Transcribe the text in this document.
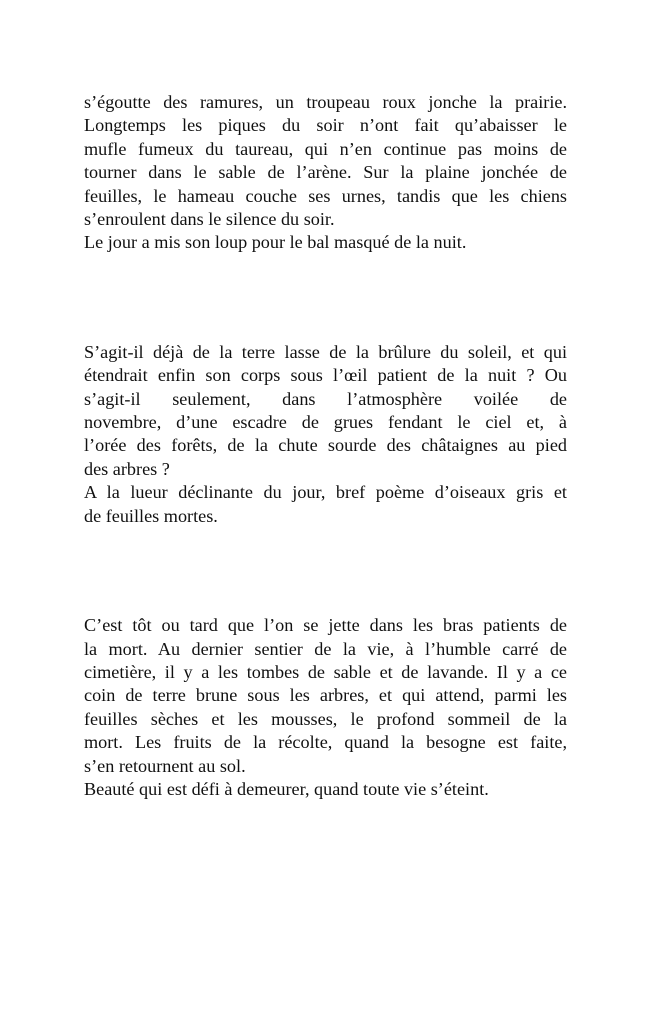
s’égoutte des ramures, un troupeau roux jonche la prairie.
Longtemps les piques du soir n’ont fait qu’abaisser le
mufle fumeux du taureau, qui n’en continue pas moins de
tourner dans le sable de l’arène. Sur la plaine jonchée de
feuilles, le hameau couche ses urnes, tandis que les chiens
s’enroulent dans le silence du soir.
Le jour a mis son loup pour le bal masqué de la nuit.
S’agit-il déjà de la terre lasse de la brûlure du soleil, et qui
étendrait enfin son corps sous l’œil patient de la nuit ? Ou
s’agit-il seulement, dans l’atmosphère voilée de
novembre, d’une escadre de grues fendant le ciel et, à
l’orée des forêts, de la chute sourde des châtaignes au pied
des arbres ?
A la lueur déclinante du jour, bref poème d’oiseaux gris et
de feuilles mortes.
C’est tôt ou tard que l’on se jette dans les bras patients de
la mort. Au dernier sentier de la vie, à l’humble carré de
cimetière, il y a les tombes de sable et de lavande. Il y a ce
coin de terre brune sous les arbres, et qui attend, parmi les
feuilles sèches et les mousses, le profond sommeil de la
mort. Les fruits de la récolte, quand la besogne est faite,
s’en retournent au sol.
Beauté qui est défi à demeurer, quand toute vie s’éteint.
